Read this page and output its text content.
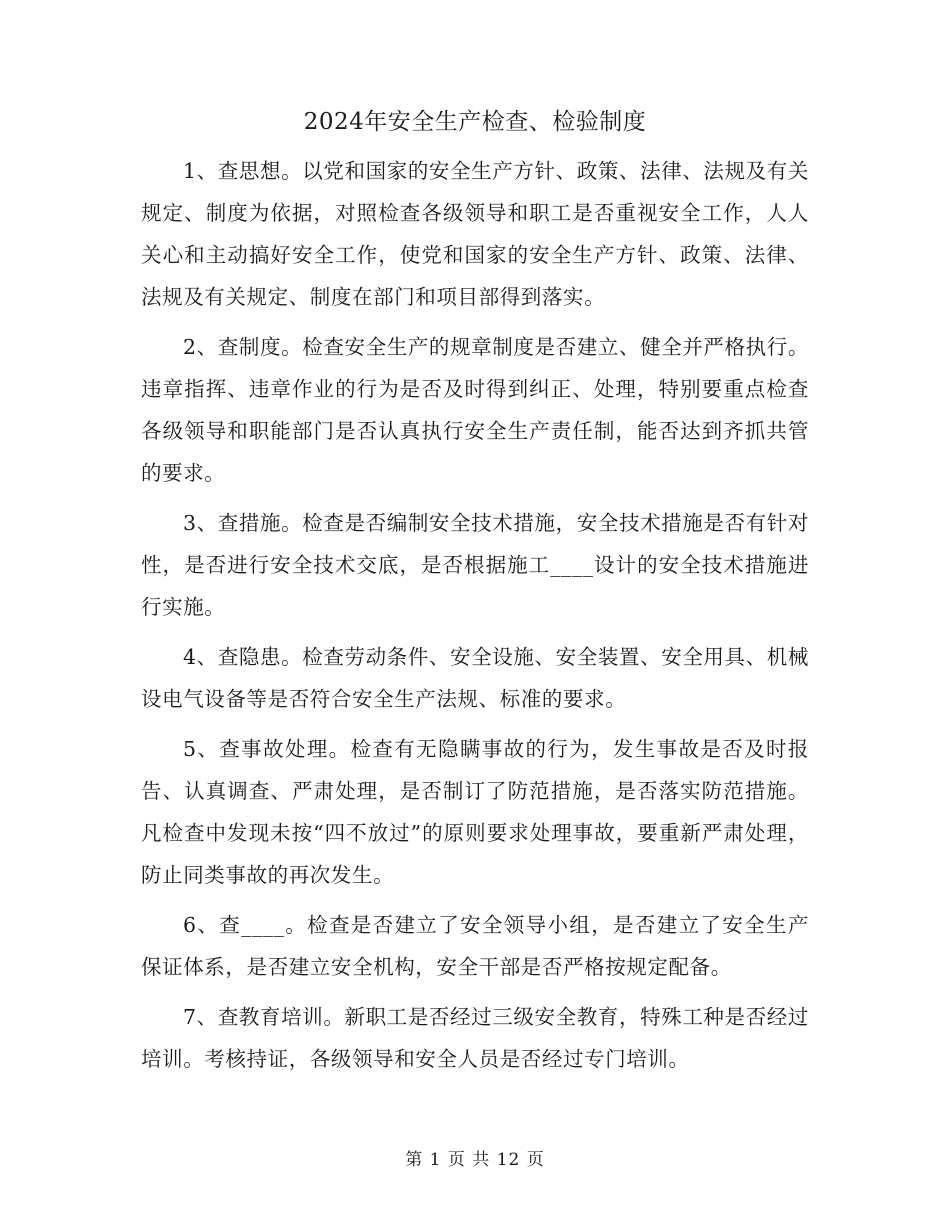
2024年安全生产检查、检验制度

1、查思想。以党和国家的安全生产方针、政策、法律、法规及有关规定、制度为依据，对照检查各级领导和职工是否重视安全工作，人人关心和主动搞好安全工作，使党和国家的安全生产方针、政策、法律、法规及有关规定、制度在部门和项目部得到落实。

2、查制度。检查安全生产的规章制度是否建立、健全并严格执行。违章指挥、违章作业的行为是否及时得到纠正、处理，特别要重点检查各级领导和职能部门是否认真执行安全生产责任制，能否达到齐抓共管的要求。

3、查措施。检查是否编制安全技术措施，安全技术措施是否有针对性，是否进行安全技术交底，是否根据施工____设计的安全技术措施进行实施。

4、查隐患。检查劳动条件、安全设施、安全装置、安全用具、机械设电气设备等是否符合安全生产法规、标准的要求。

5、查事故处理。检查有无隐瞒事故的行为，发生事故是否及时报告、认真调查、严肃处理，是否制订了防范措施，是否落实防范措施。凡检查中发现未按“四不放过”的原则要求处理事故，要重新严肃处理，防止同类事故的再次发生。

6、查____。检查是否建立了安全领导小组，是否建立了安全生产保证体系，是否建立安全机构，安全干部是否严格按规定配备。

7、查教育培训。新职工是否经过三级安全教育，特殊工种是否经过培训。考核持证，各级领导和安全人员是否经过专门培训。

第 1 页 共 12 页
